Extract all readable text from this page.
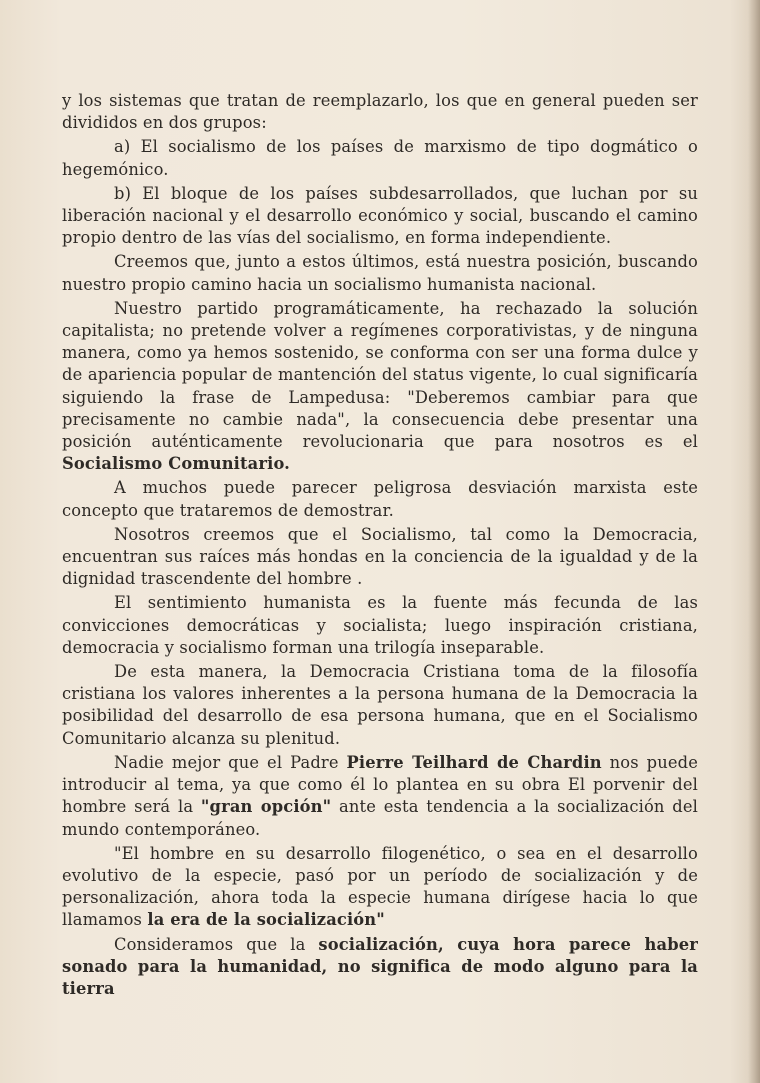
y los sistemas que tratan de reemplazarlo, los que en general pueden ser divididos en dos grupos:

a) El socialismo de los países de marxismo de tipo dogmático o hegemónico.

b) El bloque de los países subdesarrollados, que luchan por su liberación nacional y el desarrollo económico y social, buscando el camino propio dentro de las vías del socialismo, en forma independiente.

Creemos que, junto a estos últimos, está nuestra posición, buscando nuestro propio camino hacia un socialismo humanista nacional.

Nuestro partido programáticamente, ha rechazado la solución capitalista; no pretende volver a regímenes corporativistas, y de ninguna manera, como ya hemos sostenido, se conforma con ser una forma dulce y de apariencia popular de mantención del status vigente, lo cual significaría siguiendo la frase de Lampedusa: "Deberemos cambiar para que precisamente no cambie nada", la consecuencia debe presentar una posición auténticamente revolucionaria que para nosotros es el Socialismo Comunitario.

A muchos puede parecer peligrosa desviación marxista este concepto que trataremos de demostrar.

Nosotros creemos que el Socialismo, tal como la Democracia, encuentran sus raíces más hondas en la conciencia de la igualdad y de la dignidad trascendente del hombre .

El sentimiento humanista es la fuente más fecunda de las convicciones democráticas y socialista; luego inspiración cristiana, democracia y socialismo forman una trilogía inseparable.

De esta manera, la Democracia Cristiana toma de la filosofía cristiana los valores inherentes a la persona humana de la Democracia la posibilidad del desarrollo de esa persona humana, que en el Socialismo Comunitario alcanza su plenitud.

Nadie mejor que el Padre Pierre Teilhard de Chardin nos puede introducir al tema, ya que como él lo plantea en su obra El porvenir del hombre será la "gran opción" ante esta tendencia a la socialización del mundo contemporáneo.

"El hombre en su desarrollo filogenético, o sea en el desarrollo evolutivo de la especie, pasó por un período de socialización y de personalización, ahora toda la especie humana dirígese hacia lo que llamamos la era de la socialización"

Consideramos que la socialización, cuya hora parece haber sonado para la humanidad, no significa de modo alguno para la tierra
